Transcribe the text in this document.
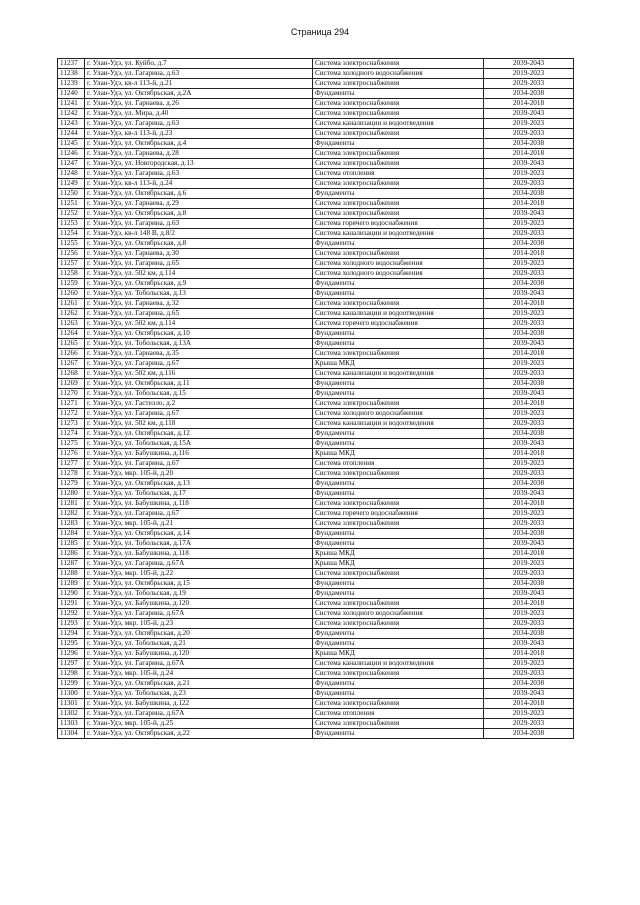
Страница 294
11237	г. Улан-Удэ, ул. Куйбо, д.7	Система электроснабжения	2039-2043
11238	г. Улан-Удэ, ул. Гагарина, д.63	Система холодного водоснабжения	2019-2023
11239	г. Улан-Удэ, кв-л 113-й, д.21	Система электроснабжения	2029-2033
11240	г. Улан-Удэ, ул. Октябрьская, д.2А	Фундаменты	2034-2038
11241	г. Улан-Удэ, ул. Гарнаева, д.26	Система электроснабжения	2014-2018
11242	г. Улан-Удэ, ул. Мира, д.40	Система электроснабжения	2039-2043
11243	г. Улан-Удэ, ул. Гагарина, д.63	Система канализации и водоотведения	2019-2023
11244	г. Улан-Удэ, кв-л 113-й, д.23	Система электроснабжения	2029-2033
11245	г. Улан-Удэ, ул. Октябрьская, д.4	Фундаменты	2034-2038
11246	г. Улан-Удэ, ул. Гарнаева, д.28	Система электроснабжения	2014-2018
11247	г. Улан-Удэ, ул. Новгородская, д.13	Система электроснабжения	2039-2043
11248	г. Улан-Удэ, ул. Гагарина, д.63	Система отопления	2019-2023
11249	г. Улан-Удэ, кв-л 113-й, д.24	Система электроснабжения	2029-2033
11250	г. Улан-Удэ, ул. Октябрьская, д.6	Фундаменты	2034-2038
11251	г. Улан-Удэ, ул. Гарнаева, д.29	Система электроснабжения	2014-2018
11252	г. Улан-Удэ, ул. Октябрьская, д.8	Система электроснабжения	2039-2043
11253	г. Улан-Удэ, ул. Гагарина, д.63	Система горячего водоснабжения	2019-2023
11254	г. Улан-Удэ, кв-л 148 В, д.8/2	Система канализации и водоотведения	2029-2033
11255	г. Улан-Удэ, ул. Октябрьская, д.8	Фундаменты	2034-2038
11256	г. Улан-Удэ, ул. Гарнаева, д.30	Система электроснабжения	2014-2018
11257	г. Улан-Удэ, ул. Гагарина, д.65	Система холодного водоснабжения	2019-2023
11258	г. Улан-Удэ, ул. 502 км, д.114	Система холодного водоснабжения	2029-2033
11259	г. Улан-Удэ, ул. Октябрьская, д.9	Фундаменты	2034-2038
11260	г. Улан-Удэ, ул. Тобольская, д.13	Фундаменты	2039-2043
11261	г. Улан-Удэ, ул. Гарнаева, д.32	Система электроснабжения	2014-2018
11262	г. Улан-Удэ, ул. Гагарина, д.65	Система канализации и водоотведения	2019-2023
11263	г. Улан-Удэ, ул. 502 км, д.114	Система горячего водоснабжения	2029-2033
11264	г. Улан-Удэ, ул. Октябрьская, д.10	Фундаменты	2034-2038
11265	г. Улан-Удэ, ул. Тобольская, д.13А	Фундаменты	2039-2043
11266	г. Улан-Удэ, ул. Гарнаева, д.35	Система электроснабжения	2014-2018
11267	г. Улан-Удэ, ул. Гагарина, д.67	Крыша МКД	2019-2023
11268	г. Улан-Удэ, ул. 502 км, д.116	Система канализации и водоотведения	2029-2033
11269	г. Улан-Удэ, ул. Октябрьская, д.11	Фундаменты	2034-2038
11270	г. Улан-Удэ, ул. Тобольская, д.15	Фундаменты	2039-2043
11271	г. Улан-Удэ, ул. Гастелло, д.2	Система электроснабжения	2014-2018
11272	г. Улан-Удэ, ул. Гагарина, д.67	Система холодного водоснабжения	2019-2023
11273	г. Улан-Удэ, ул. 502 км, д.118	Система канализации и водоотведения	2029-2033
11274	г. Улан-Удэ, ул. Октябрьская, д.12	Фундаменты	2034-2038
11275	г. Улан-Удэ, ул. Тобольская, д.15А	Фундаменты	2039-2043
11276	г. Улан-Удэ, ул. Бабушкина, д.116	Крыша МКД	2014-2018
11277	г. Улан-Удэ, ул. Гагарина, д.67	Система отопления	2019-2023
11278	г. Улан-Удэ, мкр. 105-й, д.20	Система электроснабжения	2029-2033
11279	г. Улан-Удэ, ул. Октябрьская, д.13	Фундаменты	2034-2038
11280	г. Улан-Удэ, ул. Тобольская, д.17	Фундаменты	2039-2043
11281	г. Улан-Удэ, ул. Бабушкина, д.118	Система электроснабжения	2014-2018
11282	г. Улан-Удэ, ул. Гагарина, д.67	Система горячего водоснабжения	2019-2023
11283	г. Улан-Удэ, мкр. 105-й, д.21	Система электроснабжения	2029-2033
11284	г. Улан-Удэ, ул. Октябрьская, д.14	Фундаменты	2034-2038
11285	г. Улан-Удэ, ул. Тобольская, д.17А	Фундаменты	2039-2043
11286	г. Улан-Удэ, ул. Бабушкина, д.118	Крыша МКД	2014-2018
11287	г. Улан-Удэ, ул. Гагарина, д.67А	Крыша МКД	2019-2023
11288	г. Улан-Удэ, мкр. 105-й, д.22	Система электроснабжения	2029-2033
11289	г. Улан-Удэ, ул. Октябрьская, д.15	Фундаменты	2034-2038
11290	г. Улан-Удэ, ул. Тобольская, д.19	Фундаменты	2039-2043
11291	г. Улан-Удэ, ул. Бабушкина, д.120	Система электроснабжения	2014-2018
11292	г. Улан-Удэ, ул. Гагарина, д.67А	Система холодного водоснабжения	2019-2023
11293	г. Улан-Удэ, мкр. 105-й, д.23	Система электроснабжения	2029-2033
11294	г. Улан-Удэ, ул. Октябрьская, д.20	Фундаменты	2034-2038
11295	г. Улан-Удэ, ул. Тобольская, д.21	Фундаменты	2039-2043
11296	г. Улан-Удэ, ул. Бабушкина, д.120	Крыша МКД	2014-2018
11297	г. Улан-Удэ, ул. Гагарина, д.67А	Система канализации и водоотведения	2019-2023
11298	г. Улан-Удэ, мкр. 105-й, д.24	Система электроснабжения	2029-2033
11299	г. Улан-Удэ, ул. Октябрьская, д.21	Фундаменты	2034-2038
11300	г. Улан-Удэ, ул. Тобольская, д.23	Фундаменты	2039-2043
11301	г. Улан-Удэ, ул. Бабушкина, д.122	Система электроснабжения	2014-2018
11302	г. Улан-Удэ, ул. Гагарина, д.67А	Система отопления	2019-2023
11303	г. Улан-Удэ, мкр. 105-й, д.25	Система электроснабжения	2029-2033
11304	г. Улан-Удэ, ул. Октябрьская, д.22	Фундаменты	2034-2038
